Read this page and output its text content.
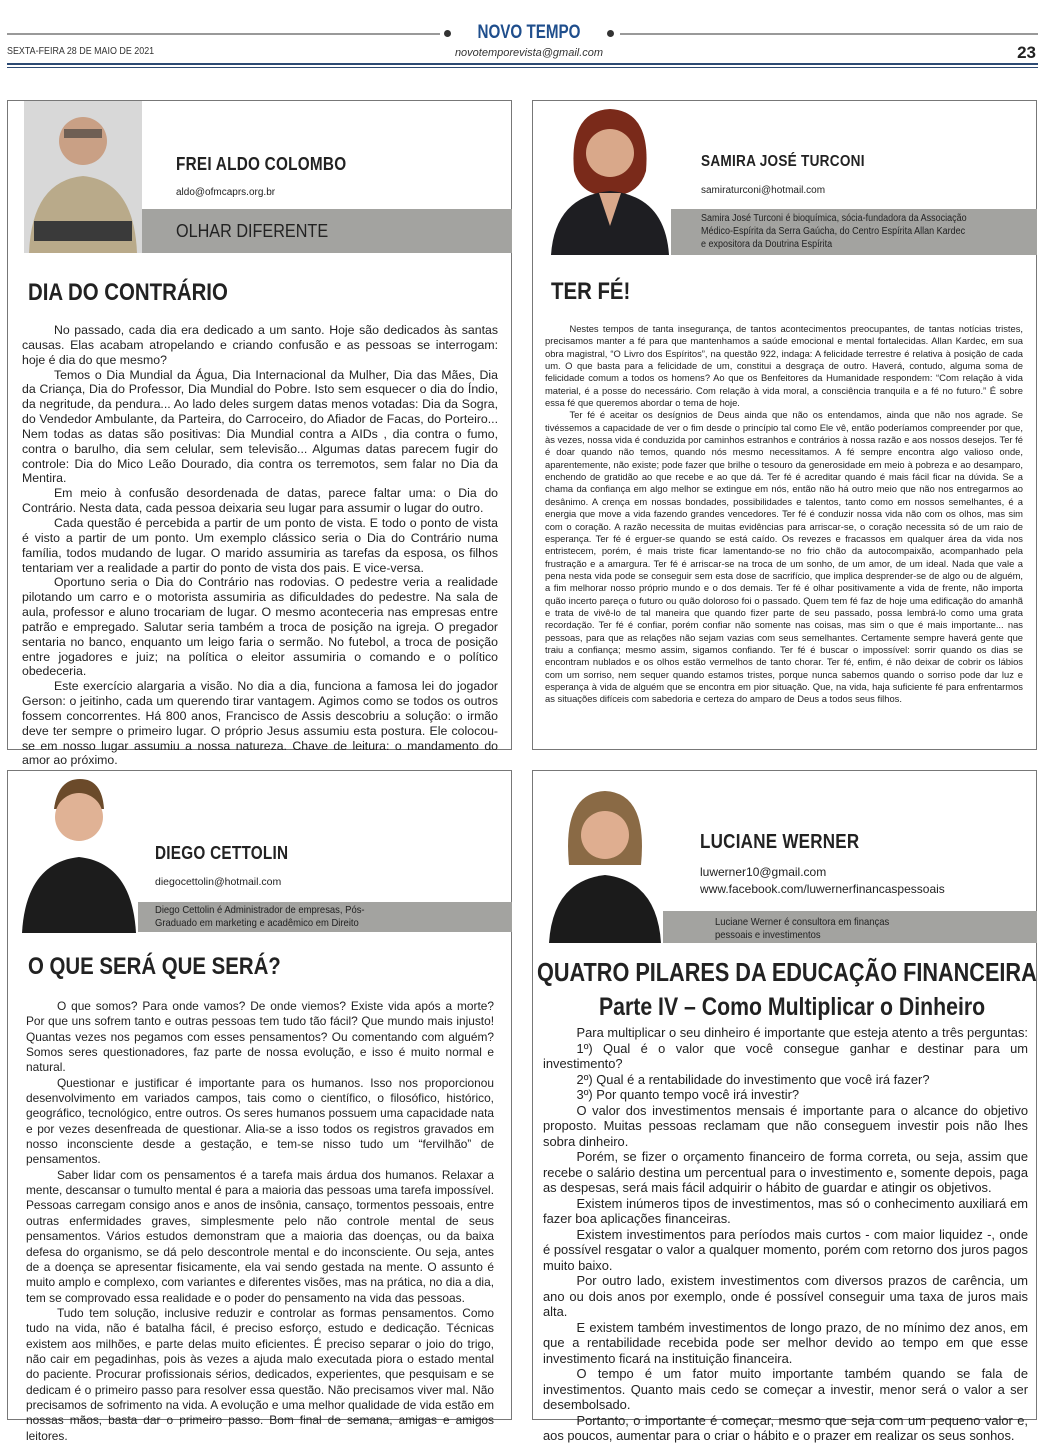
NOVO TEMPO
SEXTA-FEIRA 28 DE MAIO DE 2021	novotemporevista@gmail.com	23
FREI ALDO COLOMBO
aldo@ofmcaprs.org.br
OLHAR DIFERENTE
DIA DO CONTRÁRIO

No passado, cada dia era dedicado a um santo. Hoje são dedicados às santas causas. Elas acabam atropelando e criando confusão e as pessoas se interrogam: hoje é dia do que mesmo?

Temos o Dia Mundial da Água, Dia Internacional da Mulher, Dia das Mães, Dia da Criança, Dia do Professor, Dia Mundial do Pobre. Isto sem esquecer o dia do Índio, da negritude, da pendura... Ao lado deles surgem datas menos votadas: Dia da Sogra, do Vendedor Ambulante, da Parteira, do Carroceiro, do Afiador de Facas, do Porteiro... Nem todas as datas são positivas: Dia Mundial contra a AIDs , dia contra o fumo, contra o barulho, dia sem celular, sem televisão... Algumas datas parecem fugir do controle: Dia do Mico Leão Dourado, dia contra os terremotos, sem falar no Dia da Mentira.

Em meio à confusão desordenada de datas, parece faltar uma: o Dia do Contrário. Nesta data, cada pessoa deixaria seu lugar para assumir o lugar do outro.

Cada questão é percebida a partir de um ponto de vista. E todo o ponto de vista é visto a partir de um ponto. Um exemplo clássico seria o Dia do Contrário numa família, todos mudando de lugar. O marido assumiria as tarefas da esposa, os filhos tentariam ver a realidade a partir do ponto de vista dos pais. E vice-versa.

Oportuno seria o Dia do Contrário nas rodovias. O pedestre veria a realidade pilotando um carro e o motorista assumiria as dificuldades do pedestre. Na sala de aula, professor e aluno trocariam de lugar. O mesmo aconteceria nas empresas entre patrão e empregado. Salutar seria também a troca de posição na igreja. O pregador sentaria no banco, enquanto um leigo faria o sermão. No futebol, a troca de posição entre jogadores e juiz; na política o eleitor assumiria o comando e o político obedeceria.

Este exercício alargaria a visão. No dia a dia, funciona a famosa lei do jogador Gerson: o jeitinho, cada um querendo tirar vantagem. Agimos como se todos os outros fossem concorrentes. Há 800 anos, Francisco de Assis descobriu a solução: o irmão deve ter sempre o primeiro lugar. O próprio Jesus assumiu esta postura. Ele colocou-se em nosso lugar assumiu a nossa natureza. Chave de leitura: o mandamento do amor ao próximo.

SAMIRA JOSÉ TURCONI
samiraturconi@hotmail.com
Samira José Turconi é bioquímica, sócia-fundadora da Associação Médico-Espírita da Serra Gaúcha, do Centro Espírita Allan Kardec e expositora da Doutrina Espírita
TER FÉ!

Nestes tempos de tanta insegurança, de tantos acontecimentos preocupantes, de tantas notícias tristes, precisamos manter a fé para que mantenhamos a saúde emocional e mental fortalecidas. Allan Kardec, em sua obra magistral, “O Livro dos Espíritos”, na questão 922, indaga: A felicidade terrestre é relativa à posição de cada um. O que basta para a felicidade de um, constitui a desgraça de outro. Haverá, contudo, alguma soma de felicidade comum a todos os homens? Ao que os Benfeitores da Humanidade respondem: “Com relação à vida material, é a posse do necessário. Com relação à vida moral, a consciência tranquila e a fé no futuro.” É sobre essa fé que queremos abordar o tema de hoje.

Ter fé é aceitar os desígnios de Deus ainda que não os entendamos, ainda que não nos agrade. Se tivéssemos a capacidade de ver o fim desde o princípio tal como Ele vê, então poderíamos compreender por que, às vezes, nossa vida é conduzida por caminhos estranhos e contrários à nossa razão e aos nossos desejos. Ter fé é doar quando não temos, quando nós mesmo necessitamos. A fé sempre encontra algo valioso onde, aparentemente, não existe; pode fazer que brilhe o tesouro da generosidade em meio à pobreza e ao desamparo, enchendo de gratidão ao que recebe e ao que dá. Ter fé é acreditar quando é mais fácil ficar na dúvida. Se a chama da confiança em algo melhor se extingue em nós, então não há outro meio que não nos entregarmos ao desânimo. A crença em nossas bondades, possibilidades e talentos, tanto como em nossos semelhantes, é a energia que move a vida fazendo grandes vencedores. Ter fé é conduzir nossa vida não com os olhos, mas sim com o coração. A razão necessita de muitas evidências para arriscar-se, o coração necessita só de um raio de esperança. Ter fé é erguer-se quando se está caído. Os revezes e fracassos em qualquer área da vida nos entristecem, porém, é mais triste ficar lamentando-se no frio chão da autocompaixão, acompanhado pela frustração e a amargura. Ter fé é arriscar-se na troca de um sonho, de um amor, de um ideal. Nada que vale a pena nesta vida pode se conseguir sem esta dose de sacrifício, que implica desprender-se de algo ou de alguém, a fim melhorar nosso próprio mundo e o dos demais. Ter fé é olhar positivamente a vida de frente, não importa quão incerto pareça o futuro ou quão doloroso foi o passado. Quem tem fé faz de hoje uma edificação do amanhã e trata de vivê-lo de tal maneira que quando fizer parte de seu passado, possa lembrá-lo como uma grata recordação. Ter fé é confiar, porém confiar não somente nas coisas, mas sim o que é mais importante... nas pessoas, para que as relações não sejam vazias com seus semelhantes. Certamente sempre haverá gente que traiu a confiança; mesmo assim, sigamos confiando. Ter fé é buscar o impossível: sorrir quando os dias se encontram nublados e os olhos estão vermelhos de tanto chorar. Ter fé, enfim, é não deixar de cobrir os lábios com um sorriso, nem sequer quando estamos tristes, porque nunca sabemos quando o sorriso pode dar luz e esperança à vida de alguém que se encontra em pior situação. Que, na vida, haja suficiente fé para enfrentarmos as situações difíceis com sabedoria e certeza do amparo de Deus a todos seus filhos.

DIEGO CETTOLIN
diegocettolin@hotmail.com
Diego Cettolin é Administrador de empresas, Pós-Graduado em marketing e acadêmico em Direito
O QUE SERÁ QUE SERÁ?

O que somos? Para onde vamos? De onde viemos? Existe vida após a morte? Por que uns sofrem tanto e outras pessoas tem tudo tão fácil? Que mundo mais injusto! Quantas vezes nos pegamos com esses pensamentos? Ou comentando com alguém? Somos seres questionadores, faz parte de nossa evolução, e isso é muito normal e natural.

Questionar e justificar é importante para os humanos. Isso nos proporcionou desenvolvimento em variados campos, tais como o científico, o filosófico, histórico, geográfico, tecnológico, entre outros. Os seres humanos possuem uma capacidade nata e por vezes desenfreada de questionar. Alia-se a isso todos os registros gravados em nosso inconsciente desde a gestação, e tem-se nisso tudo um “fervilhão” de pensamentos.

Saber lidar com os pensamentos é a tarefa mais árdua dos humanos. Relaxar a mente, descansar o tumulto mental é para a maioria das pessoas uma tarefa impossível. Pessoas carregam consigo anos e anos de insônia, cansaço, tormentos pessoais, entre outras enfermidades graves, simplesmente pelo não controle mental de seus pensamentos. Vários estudos demonstram que a maioria das doenças, ou da baixa defesa do organismo, se dá pelo descontrole mental e do inconsciente. Ou seja, antes de a doença se apresentar fisicamente, ela vai sendo gestada na mente. O assunto é muito amplo e complexo, com variantes e diferentes visões, mas na prática, no dia a dia, tem se comprovado essa realidade e o poder do pensamento na vida das pessoas.

Tudo tem solução, inclusive reduzir e controlar as formas pensamentos. Como tudo na vida, não é batalha fácil, é preciso esforço, estudo e dedicação. Técnicas existem aos milhões, e parte delas muito eficientes. É preciso separar o joio do trigo, não cair em pegadinhas, pois às vezes a ajuda malo executada piora o estado mental do paciente. Procurar profissionais sérios, dedicados, experientes, que pesquisam e se dedicam é o primeiro passo para resolver essa questão. Não precisamos viver mal. Não precisamos de sofrimento na vida. A evolução e uma melhor qualidade de vida estão em nossas mãos, basta dar o primeiro passo. Bom final de semana, amigas e amigos leitores.

LUCIANE WERNER
luwerner10@gmail.com
www.facebook.com/luwernerfinancaspessoais
Luciane Werner é consultora em finanças pessoais e investimentos
QUATRO PILARES DA EDUCAÇÃO FINANCEIRA
Parte IV – Como Multiplicar o Dinheiro

Para multiplicar o seu dinheiro é importante que esteja atento a três perguntas:

1º) Qual é o valor que você consegue ganhar e destinar para um investimento?

2º) Qual é a rentabilidade do investimento que você irá fazer?

3º) Por quanto tempo você irá investir?

O valor dos investimentos mensais é importante para o alcance do objetivo proposto. Muitas pessoas reclamam que não conseguem investir pois não lhes sobra dinheiro.

Porém, se fizer o orçamento financeiro de forma correta, ou seja, assim que recebe o salário destina um percentual para o investimento e, somente depois, paga as despesas, será mais fácil adquirir o hábito de guardar e atingir os objetivos.

Existem inúmeros tipos de investimentos, mas só o conhecimento auxiliará em fazer boa aplicações financeiras.

Existem investimentos para períodos mais curtos - com maior liquidez -, onde é possível resgatar o valor a qualquer momento, porém com retorno dos juros pagos muito baixo.

Por outro lado, existem investimentos com diversos prazos de carência, um ano ou dois anos por exemplo, onde é possível conseguir uma taxa de juros mais alta.

E existem também investimentos de longo prazo, de no mínimo dez anos, em que a rentabilidade recebida pode ser melhor devido ao tempo em que esse investimento ficará na instituição financeira.

O tempo é um fator muito importante também quando se fala de investimentos. Quanto mais cedo se começar a investir, menor será o valor a ser desembolsado.

Portanto, o importante é começar, mesmo que seja com um pequeno valor e, aos poucos, aumentar para o criar o hábito e o prazer em realizar os seus sonhos.
